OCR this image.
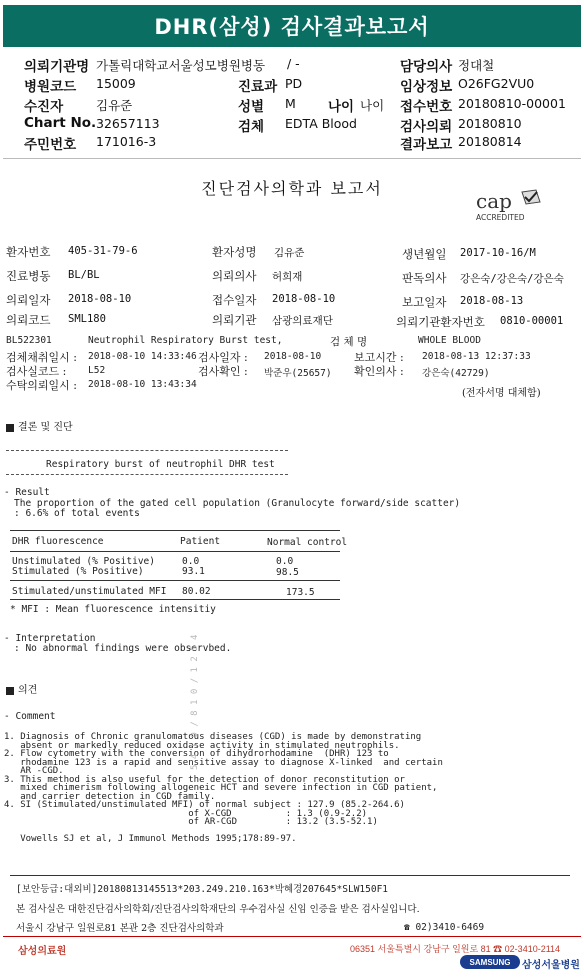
DHR(삼성) 검사결과보고서
의뢰기관명 가톨릭대학교서울성모병원병동 / -
병원코드 15009
수진자	김유준
Chart No. 32657113
주민번호 171016-3
진료과 PD
성별 M 나이 나이
검체 EDTA Blood
담당의사 정대철
임상정보 O26FG2VU0
접수번호 20180810-00001
검사의뢰 20180810
결과보고 20180814
진단검사의학과 보고서
cap
ACCREDITED
환자번호 405-31-79-6	환자성명 김유준	생년월일 2017-10-16/M
진료병동 BL/BL	의뢰의사 허희재	판독의사 강은숙/강은숙/강은숙
의뢰일자 2018-08-10	접수일자 2018-08-10	보고일자 2018-08-13
의뢰코드 SML180	의뢰기관 삼광의료재단	의뢰기관환자번호 0810-00001
BL522301	Neutrophil Respiratory Burst test,	검 체 명	WHOLE BLOOD
검체채취일시 : 2018-08-10 14:33:46 검사일자 : 2018-08-10	보고시간 : 2018-08-13 12:37:33
검사실코드 : L52	검사확인 : 박준우(25657) 확인의사 : 강은숙(42729)
수탁의뢰일시 : 2018-08-10 13:43:34
(전자서명 대체함)
결론 및 진단
Respiratory burst of neutrophil DHR test
- Result
The proportion of the gated cell population (Granulocyte forward/side scatter)
: 6.6% of total events
DHR fluorescence	Patient	Normal control
Unstimulated (% Positive)	0.0	0.0
Stimulated (% Positive)	93.1	98.5
Stimulated/unstimulated MFI 80.02	173.5
* MFI : Mean fluorescence intensitiy
- Interpretation
: No abnormal findings were observbed.
의견
- Comment
1. Diagnosis of Chronic granulomatous diseases (CGD) is made by demonstrating
absent or markedly reduced oxidase activity in stimulated neutrophils.
2. Flow cytometry with the conversion of dihydrorhodamine  (DHR) 123 to
rhodamine 123 is a rapid and sensitive assay to diagnose X-linked  and certain
AR -CGD.
3. This method is also useful for the detection of donor reconstitution or
mixed chimerism following allogeneic HCT and severe infection in CGD patient,
and carrier detection in CGD family.
4. SI (Stimulated/unstimulated MFI) of normal subject : 127.9 (85.2-264.6)
of X-CGD          : 1.3 (0.9-2.2)
of AR-CGD         : 13.2 (3.5-52.1)

Vowells SJ et al, J Immunol Methods 1995;178:89-97.
5 4 1 9 / 8 1 0 / 1 2 5 4
[보안등급:대외비]20180813145513*203.249.210.163*박혜경207645*SLW150F1
본 검사실은 대한진단검사의학회/진단검사의학재단의 우수검사실 신임 인증을 받은 검사실입니다.
서울시 강남구 일원로81 본관 2층 진단검사의학과	☎ 02)3410-6469
삼성의료원	06351 서울특별시 강남구 일원로 81 ☎ 02-3410-2114
SAMSUNG	삼성서울병원
